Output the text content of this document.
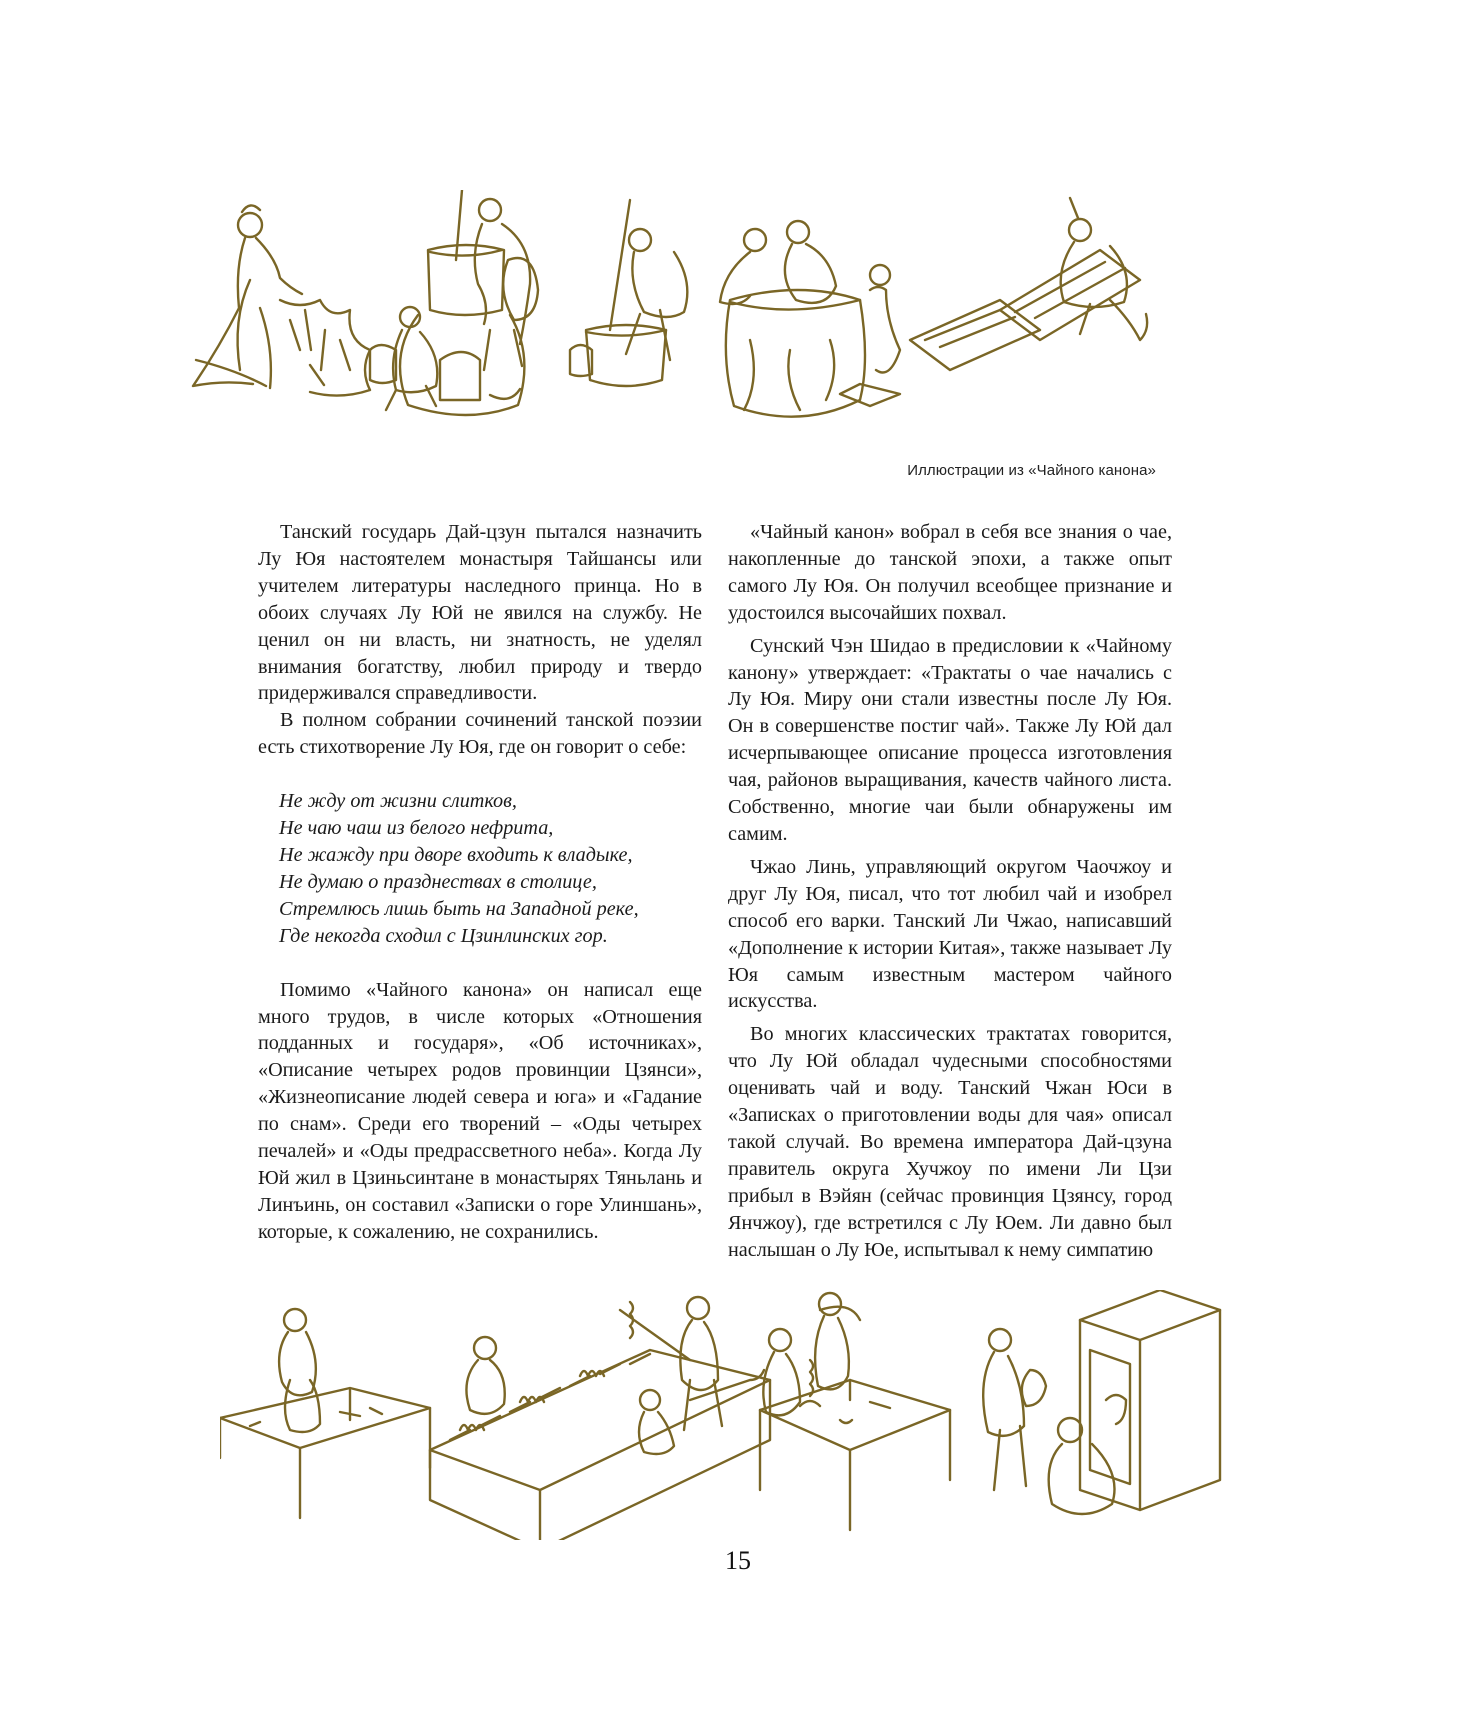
Иллюстрации из «Чайного канона»

Танский государь Дай-цзун пытался назначить Лу Юя настоятелем монастыря Тайшансы или учителем литературы наследного принца. Но в обоих случаях Лу Юй не явился на службу. Не ценил он ни власть, ни знатность, не уделял внимания богатству, любил природу и твердо придерживался справедливости.

В полном собрании сочинений танской поэзии есть стихотворение Лу Юя, где он говорит о себе:

Не жду от жизни слитков,
Не чаю чаш из белого нефрита,
Не жажду при дворе входить к владыке,
Не думаю о празднествах в столице,
Стремлюсь лишь быть на Западной реке,
Где некогда сходил с Цзинлинских гор.

Помимо «Чайного канона» он написал еще много трудов, в числе которых «Отношения подданных и государя», «Об источниках», «Описание четырех родов провинции Цзянси», «Жизнеописание людей севера и юга» и «Гадание по снам». Среди его творений – «Оды четырех печалей» и «Оды предрассветного неба». Когда Лу Юй жил в Цзиньсинтане в монастырях Тяньлань и Линъинь, он составил «Записки о горе Улиншань», которые, к сожалению, не сохранились.

«Чайный канон» вобрал в себя все знания о чае, накопленные до танской эпохи, а также опыт самого Лу Юя. Он получил всеобщее признание и удостоился высочайших похвал.

Сунский Чэн Шидао в предисловии к «Чайному канону» утверждает: «Трактаты о чае начались с Лу Юя. Миру они стали известны после Лу Юя. Он в совершенстве постиг чай». Также Лу Юй дал исчерпывающее описание процесса изготовления чая, районов выращивания, качеств чайного листа. Собственно, многие чаи были обнаружены им самим.

Чжао Линь, управляющий округом Чаочжоу и друг Лу Юя, писал, что тот любил чай и изобрел способ его варки. Танский Ли Чжао, написавший «Дополнение к истории Китая», также называет Лу Юя самым известным мастером чайного искусства.

Во многих классических трактатах говорится, что Лу Юй обладал чудесными способностями оценивать чай и воду. Танский Чжан Юси в «Записках о приготовлении воды для чая» описал такой случай. Во времена императора Дай-цзуна правитель округа Хучжоу по имени Ли Цзи прибыл в Вэйян (сейчас провинция Цзянсу, город Янчжоу), где встретился с Лу Юем. Ли давно был наслышан о Лу Юе, испытывал к нему симпатию

15
